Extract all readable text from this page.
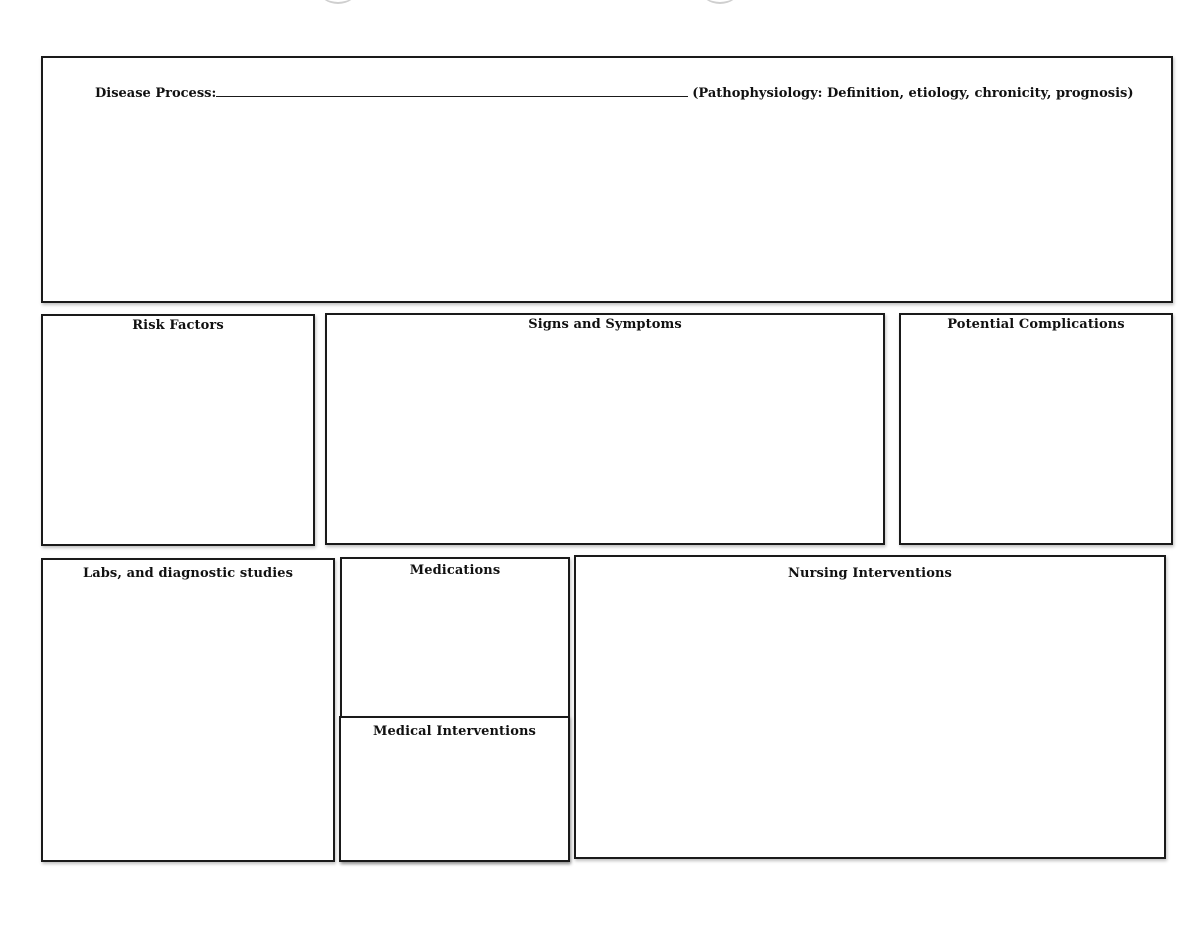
Disease Process:	(Pathophysiology: Definition, etiology, chronicity, prognosis)
Risk Factors	Signs and Symptoms	Potential Complications
Labs, and diagnostic studies	Medications
Medical Interventions
Nursing Interventions
